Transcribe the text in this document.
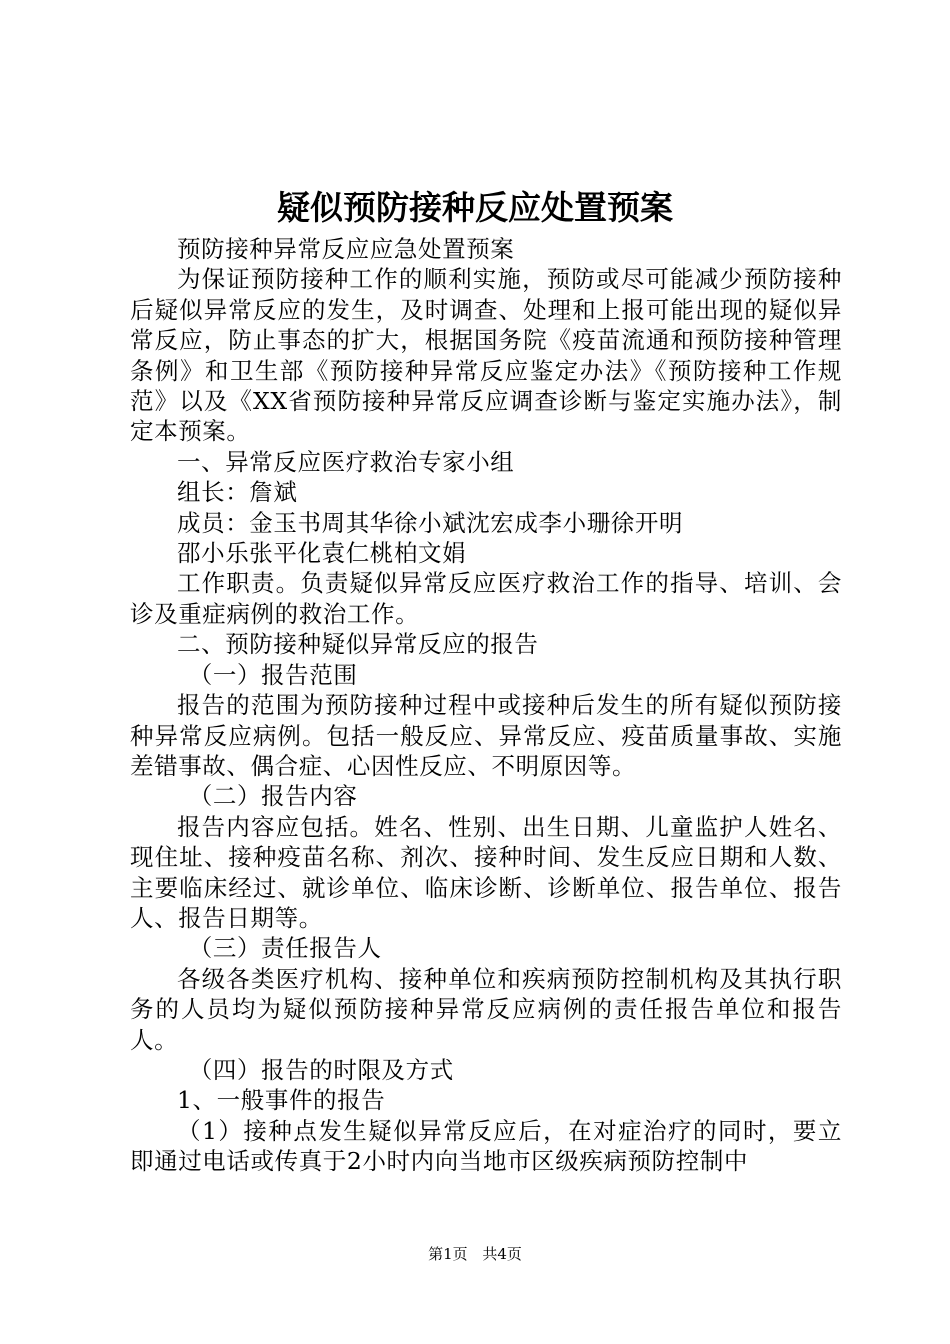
疑似预防接种反应处置预案

预防接种异常反应应急处置预案

为保证预防接种工作的顺利实施，预防或尽可能减少预防接种后疑似异常反应的发生，及时调查、处理和上报可能出现的疑似异常反应，防止事态的扩大，根据国务院《疫苗流通和预防接种管理条例》和卫生部《预防接种异常反应鉴定办法》《预防接种工作规范》以及《XX省预防接种异常反应调查诊断与鉴定实施办法》，制定本预案。

一、异常反应医疗救治专家小组

组长：詹斌

成员：金玉书周其华徐小斌沈宏成李小珊徐开明

邵小乐张平化袁仁桃柏文娟

工作职责。负责疑似异常反应医疗救治工作的指导、培训、会诊及重症病例的救治工作。

二、预防接种疑似异常反应的报告

（一）报告范围

报告的范围为预防接种过程中或接种后发生的所有疑似预防接种异常反应病例。包括一般反应、异常反应、疫苗质量事故、实施差错事故、偶合症、心因性反应、不明原因等。

（二）报告内容

报告内容应包括。姓名、性别、出生日期、儿童监护人姓名、现住址、接种疫苗名称、剂次、接种时间、发生反应日期和人数、主要临床经过、就诊单位、临床诊断、诊断单位、报告单位、报告人、报告日期等。

（三）责任报告人

各级各类医疗机构、接种单位和疾病预防控制机构及其执行职务的人员均为疑似预防接种异常反应病例的责任报告单位和报告人。

（四）报告的时限及方式

1、一般事件的报告

（1）接种点发生疑似异常反应后，在对症治疗的同时，要立即通过电话或传真于2小时内向当地市区级疾病预防控制中

第1页 共4页
